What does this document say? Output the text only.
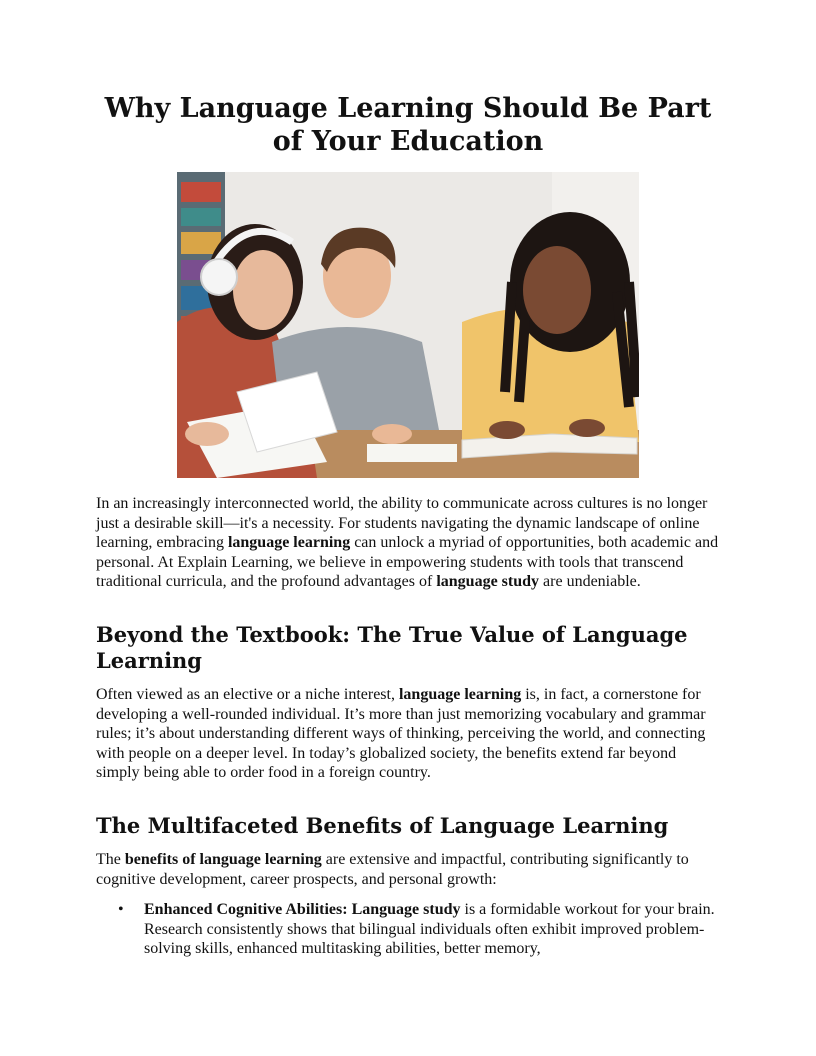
Why Language Learning Should Be Part of Your Education

In an increasingly interconnected world, the ability to communicate across cultures is no longer just a desirable skill—it's a necessity. For students navigating the dynamic landscape of online learning, embracing language learning can unlock a myriad of opportunities, both academic and personal. At Explain Learning, we believe in empowering students with tools that transcend traditional curricula, and the profound advantages of language study are undeniable.

Beyond the Textbook: The True Value of Language Learning

Often viewed as an elective or a niche interest, language learning is, in fact, a cornerstone for developing a well-rounded individual. It’s more than just memorizing vocabulary and grammar rules; it’s about understanding different ways of thinking, perceiving the world, and connecting with people on a deeper level. In today’s globalized society, the benefits extend far beyond simply being able to order food in a foreign country.

The Multifaceted Benefits of Language Learning

The benefits of language learning are extensive and impactful, contributing significantly to cognitive development, career prospects, and personal growth:

• Enhanced Cognitive Abilities: Language study is a formidable workout for your brain. Research consistently shows that bilingual individuals often exhibit improved problem-solving skills, enhanced multitasking abilities, better memory,
